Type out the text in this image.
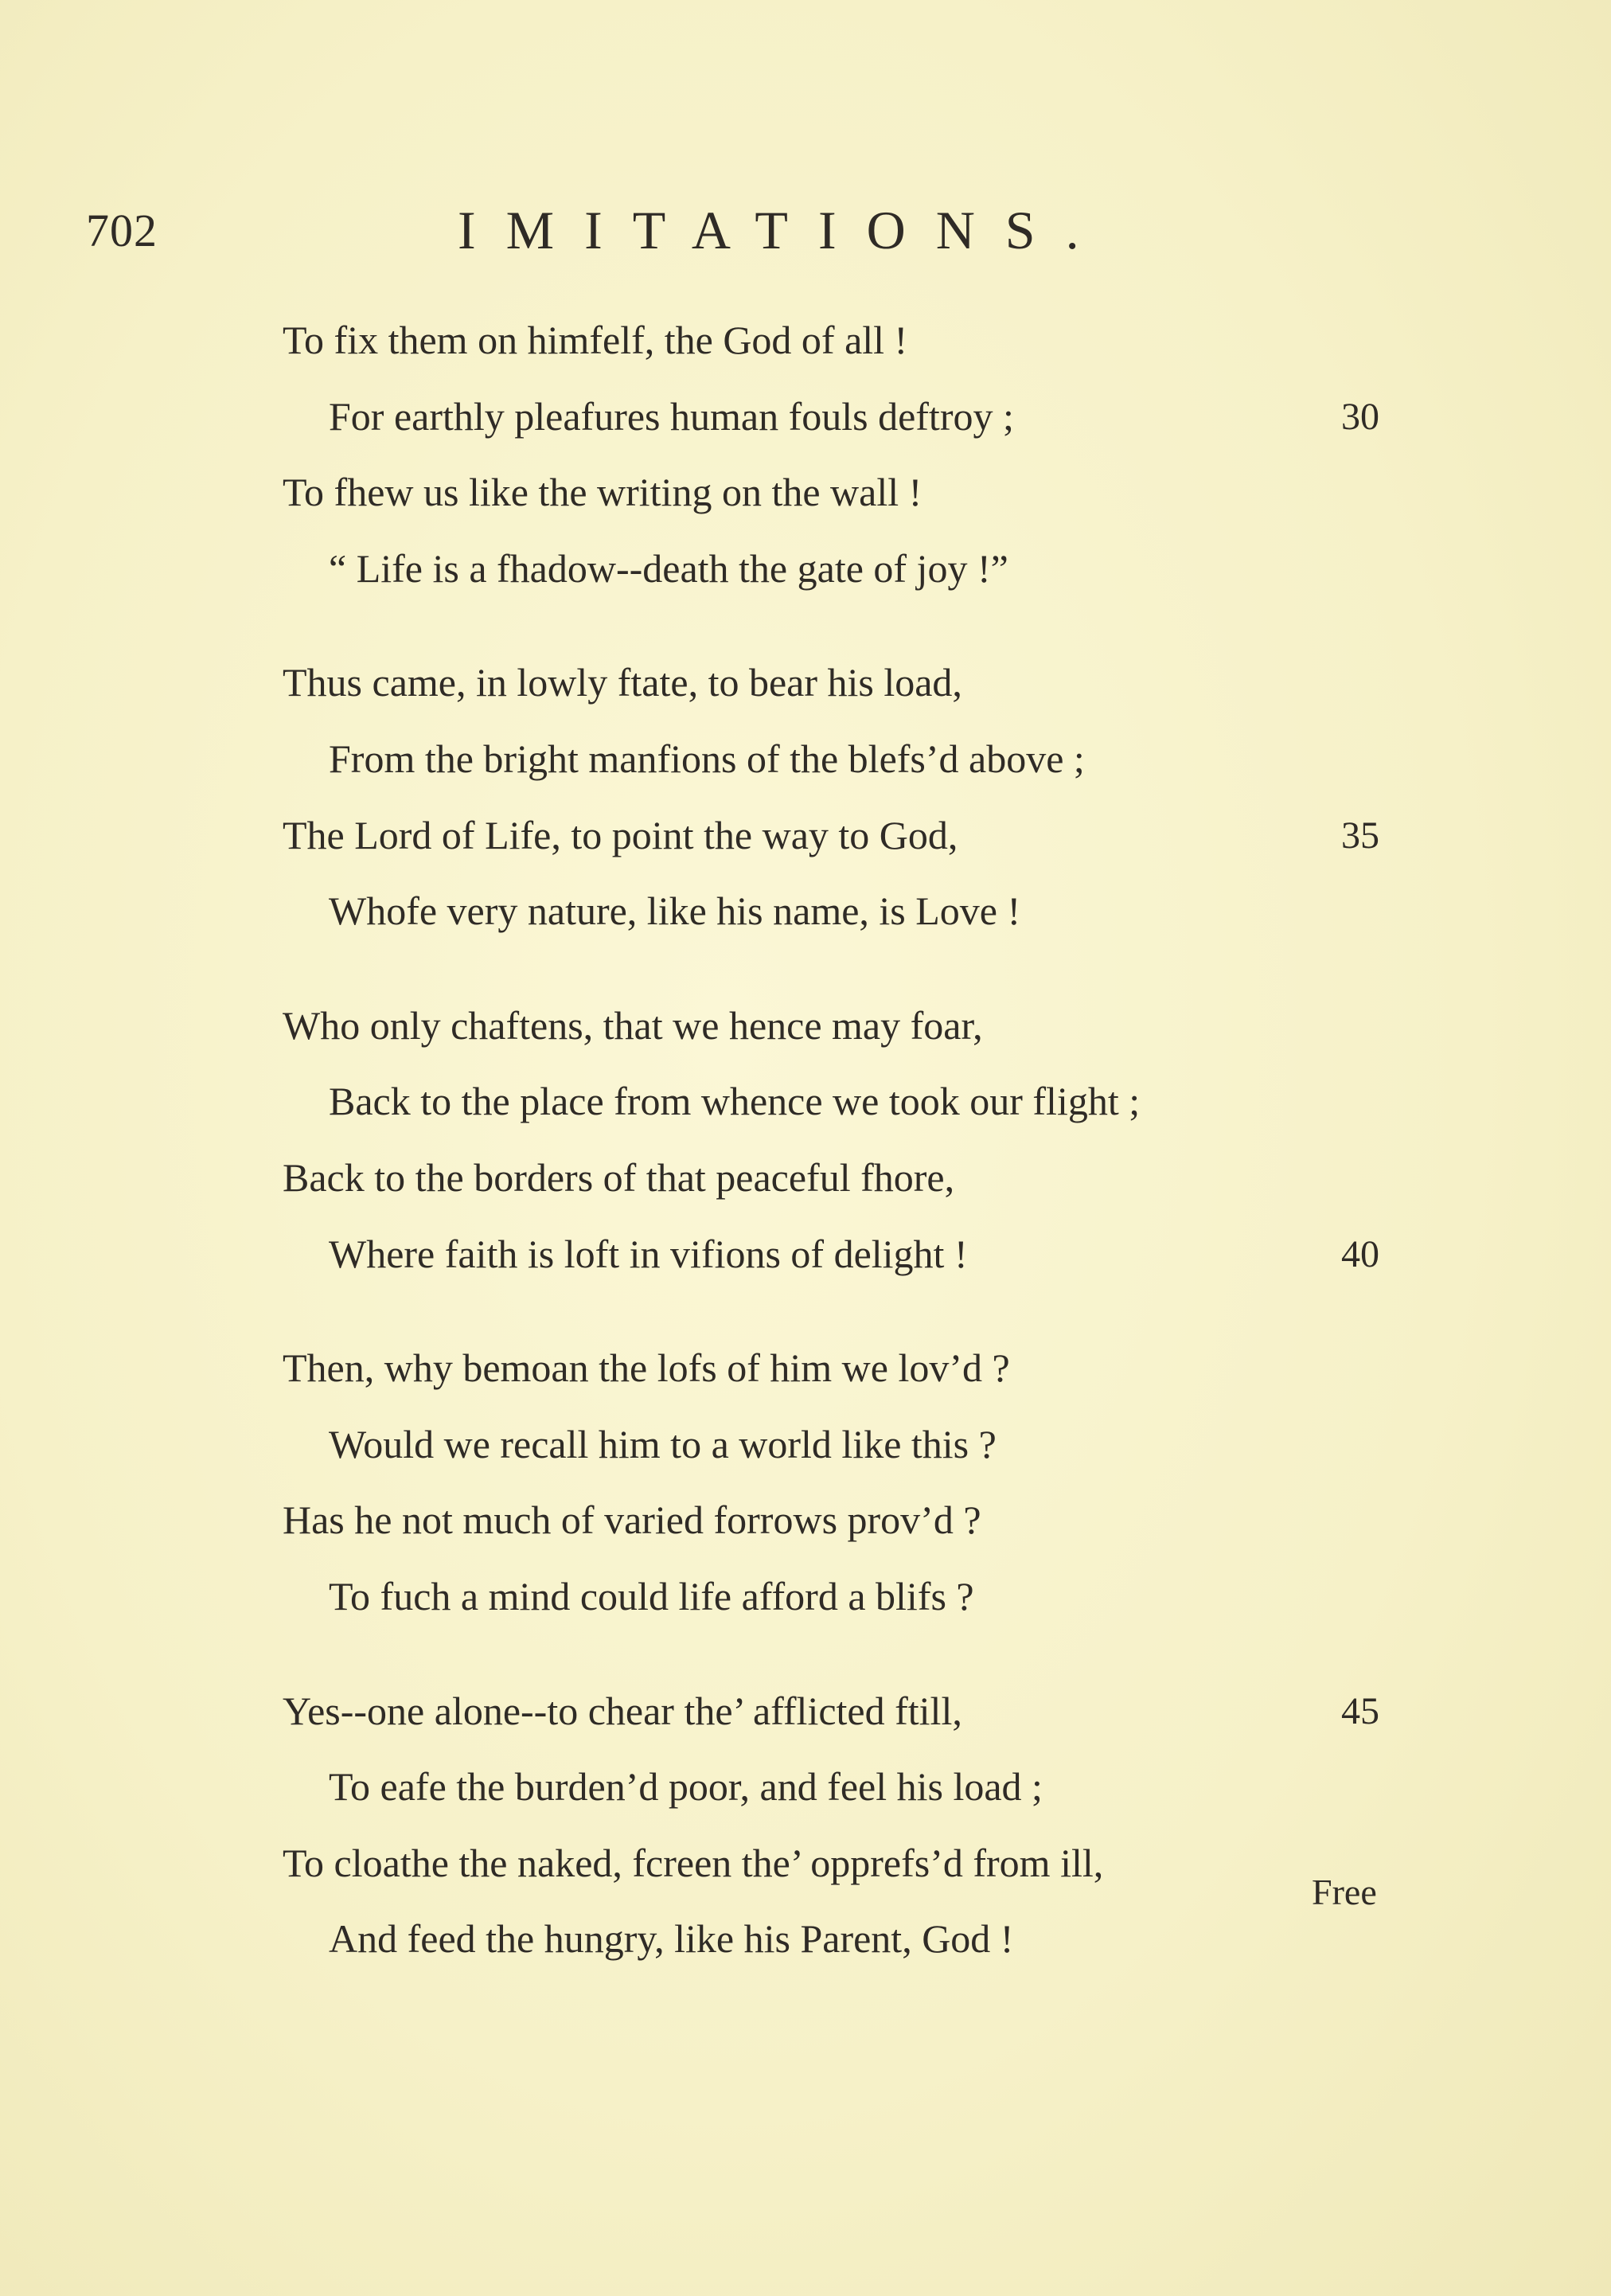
702	IMITATIONS.
To fix them on himfelf, the God of all !
For earthly pleafures human fouls deftroy ;	30
To fhew us like the writing on the wall !
“ Life is a fhadow--death the gate of joy !”
Thus came, in lowly ftate, to bear his load,
From the bright manfions of the blefs’d above ;
The Lord of Life, to point the way to God,	35
Whofe very nature, like his name, is Love !
Who only chaftens, that we hence may foar,
Back to the place from whence we took our flight ;
Back to the borders of that peaceful fhore,
Where faith is loft in vifions of delight !	40
Then, why bemoan the lofs of him we lov’d ?
Would we recall him to a world like this ?
Has he not much of varied forrows prov’d ?
To fuch a mind could life afford a blifs ?
Yes--one alone--to chear the’ afflicted ftill,	45
To eafe the burden’d poor, and feel his load ;
To cloathe the naked, fcreen the’ opprefs’d from ill,
And feed the hungry, like his Parent, God !
Free
